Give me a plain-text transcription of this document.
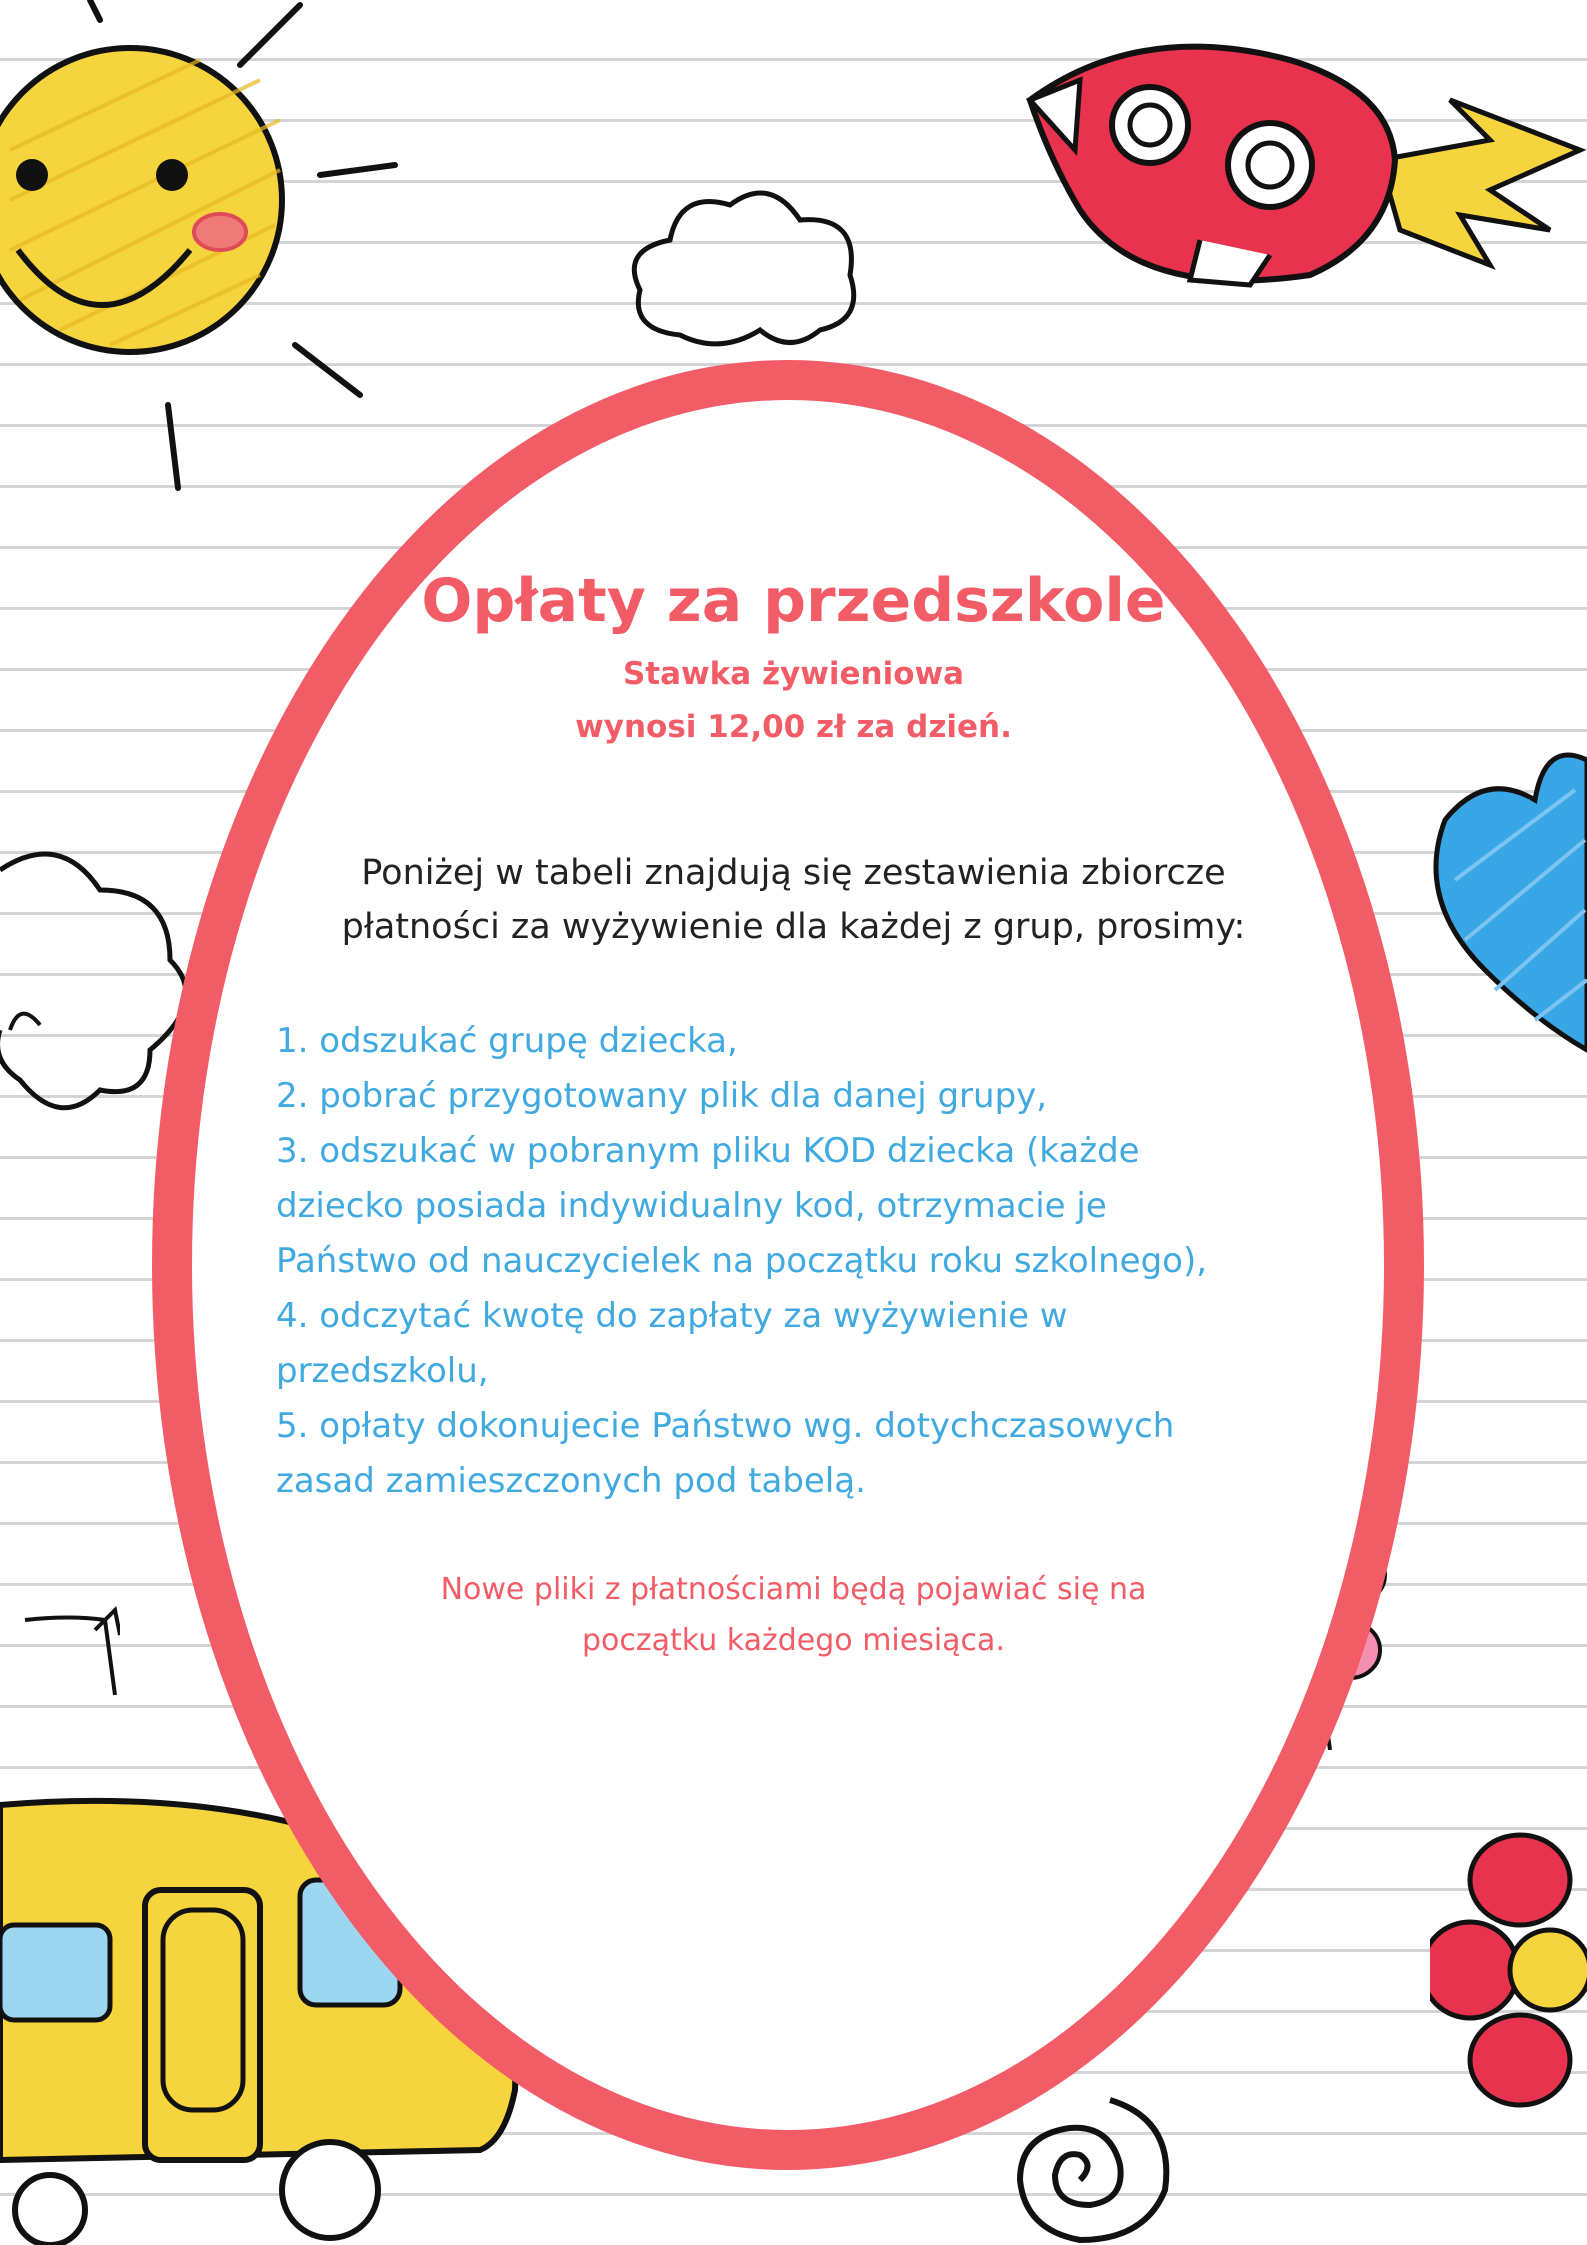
Opłaty za przedszkole
Stawka żywieniowa
wynosi 12,00 zł za dzień.
Poniżej w tabeli znajdują się zestawienia zbiorcze
płatności za wyżywienie dla każdej z grup, prosimy:
1. odszukać grupę dziecka,
2. pobrać przygotowany plik dla danej grupy,
3. odszukać w pobranym pliku KOD dziecka (każde
dziecko posiada indywidualny kod, otrzymacie je
Państwo od nauczycielek na początku roku szkolnego),
4. odczytać kwotę do zapłaty za wyżywienie w
przedszkolu,
5. opłaty dokonujecie Państwo wg. dotychczasowych
zasad zamieszczonych pod tabelą.
Nowe pliki z płatnościami będą pojawiać się na
początku każdego miesiąca.
